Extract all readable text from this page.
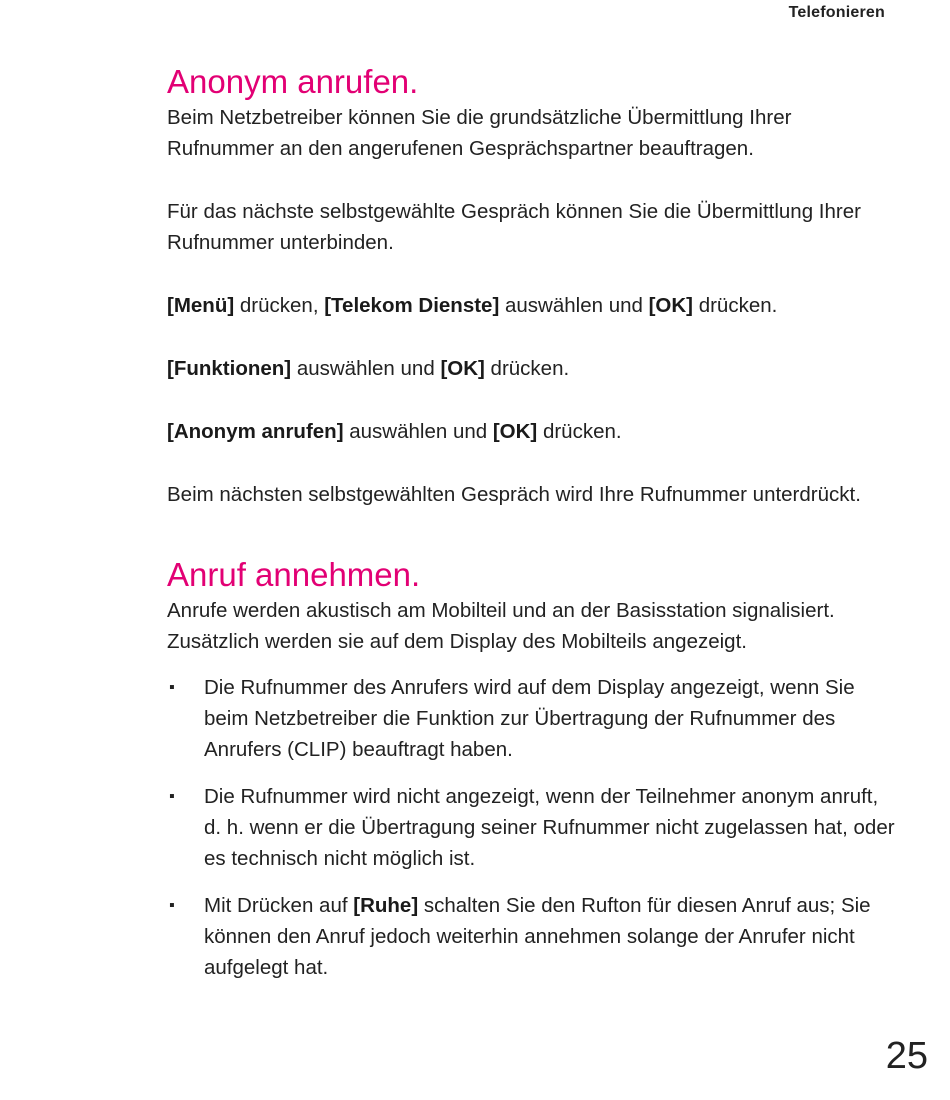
Telefonieren
Anonym anrufen.

Beim Netzbetreiber können Sie die grundsätzliche Übermittlung Ihrer Rufnummer an den angerufenen Gesprächspartner beauftragen.

Für das nächste selbstgewählte Gespräch können Sie die Übermittlung Ihrer Rufnummer unterbinden.

[Menü] drücken, [Telekom Dienste] auswählen und [OK] drücken.

[Funktionen] auswählen und [OK] drücken.

[Anonym anrufen] auswählen und [OK] drücken.

Beim nächsten selbstgewählten Gespräch wird Ihre Rufnummer unterdrückt.

Anruf annehmen.

Anrufe werden akustisch am Mobilteil und an der Basisstation signalisiert. Zusätzlich werden sie auf dem Display des Mobilteils angezeigt.

▪ Die Rufnummer des Anrufers wird auf dem Display angezeigt, wenn Sie beim Netzbetreiber die Funktion zur Übertragung der Rufnummer des Anrufers (CLIP) beauftragt haben.
▪ Die Rufnummer wird nicht angezeigt, wenn der Teilnehmer anonym anruft, d. h. wenn er die Übertragung seiner Rufnummer nicht zugelassen hat, oder es technisch nicht möglich ist.
▪ Mit Drücken auf [Ruhe] schalten Sie den Rufton für diesen Anruf aus; Sie können den Anruf jedoch weiterhin annehmen solange der Anrufer nicht aufgelegt hat.
25
